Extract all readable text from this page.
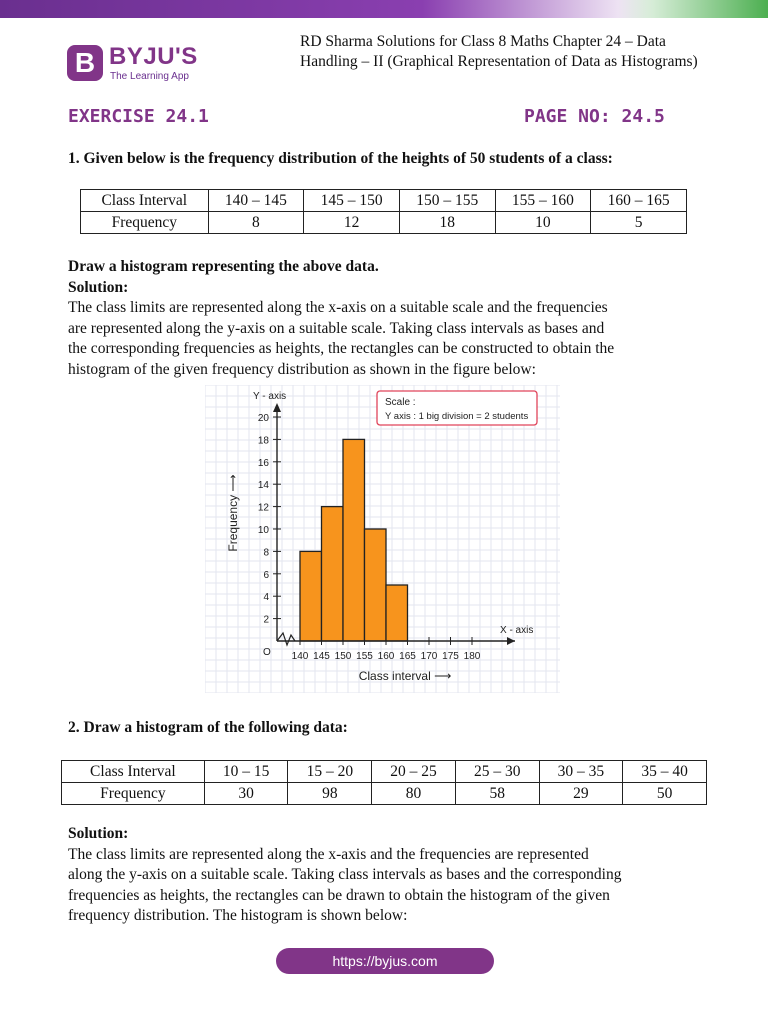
B BYJU'S
The Learning App
RD Sharma Solutions for Class 8 Maths Chapter 24 – Data
Handling – II (Graphical Representation of Data as Histograms)
EXERCISE 24.1	PAGE NO: 24.5
1. Given below is the frequency distribution of the heights of 50 students of a class:
Class Interval	140 – 145	145 – 150	150 – 155	155 – 160	160 – 165
Frequency	8	12	18	10	5
Draw a histogram representing the above data.
Solution:
The class limits are represented along the x-axis on a suitable scale and the frequencies
are represented along the y-axis on a suitable scale. Taking class intervals as bases and
the corresponding frequencies as heights, the rectangles can be constructed to obtain the
histogram of the given frequency distribution as shown in the figure below:
2
4
6
8
10
12
14
16
18
20
140 145 150 155 160 165 170 175 180
O
Y - axis
X - axis
Class interval ⟶
Frequency ⟶
Scale :
Y axis : 1 big division = 2 students
2. Draw a histogram of the following data:
Class Interval	10 – 15	15 – 20	20 – 25	25 – 30	30 – 35	35 – 40
Frequency	30	98	80	58	29	50
Solution:
The class limits are represented along the x-axis and the frequencies are represented
along the y-axis on a suitable scale. Taking class intervals as bases and the corresponding
frequencies as heights, the rectangles can be drawn to obtain the histogram of the given
frequency distribution. The histogram is shown below:
https://byjus.com
